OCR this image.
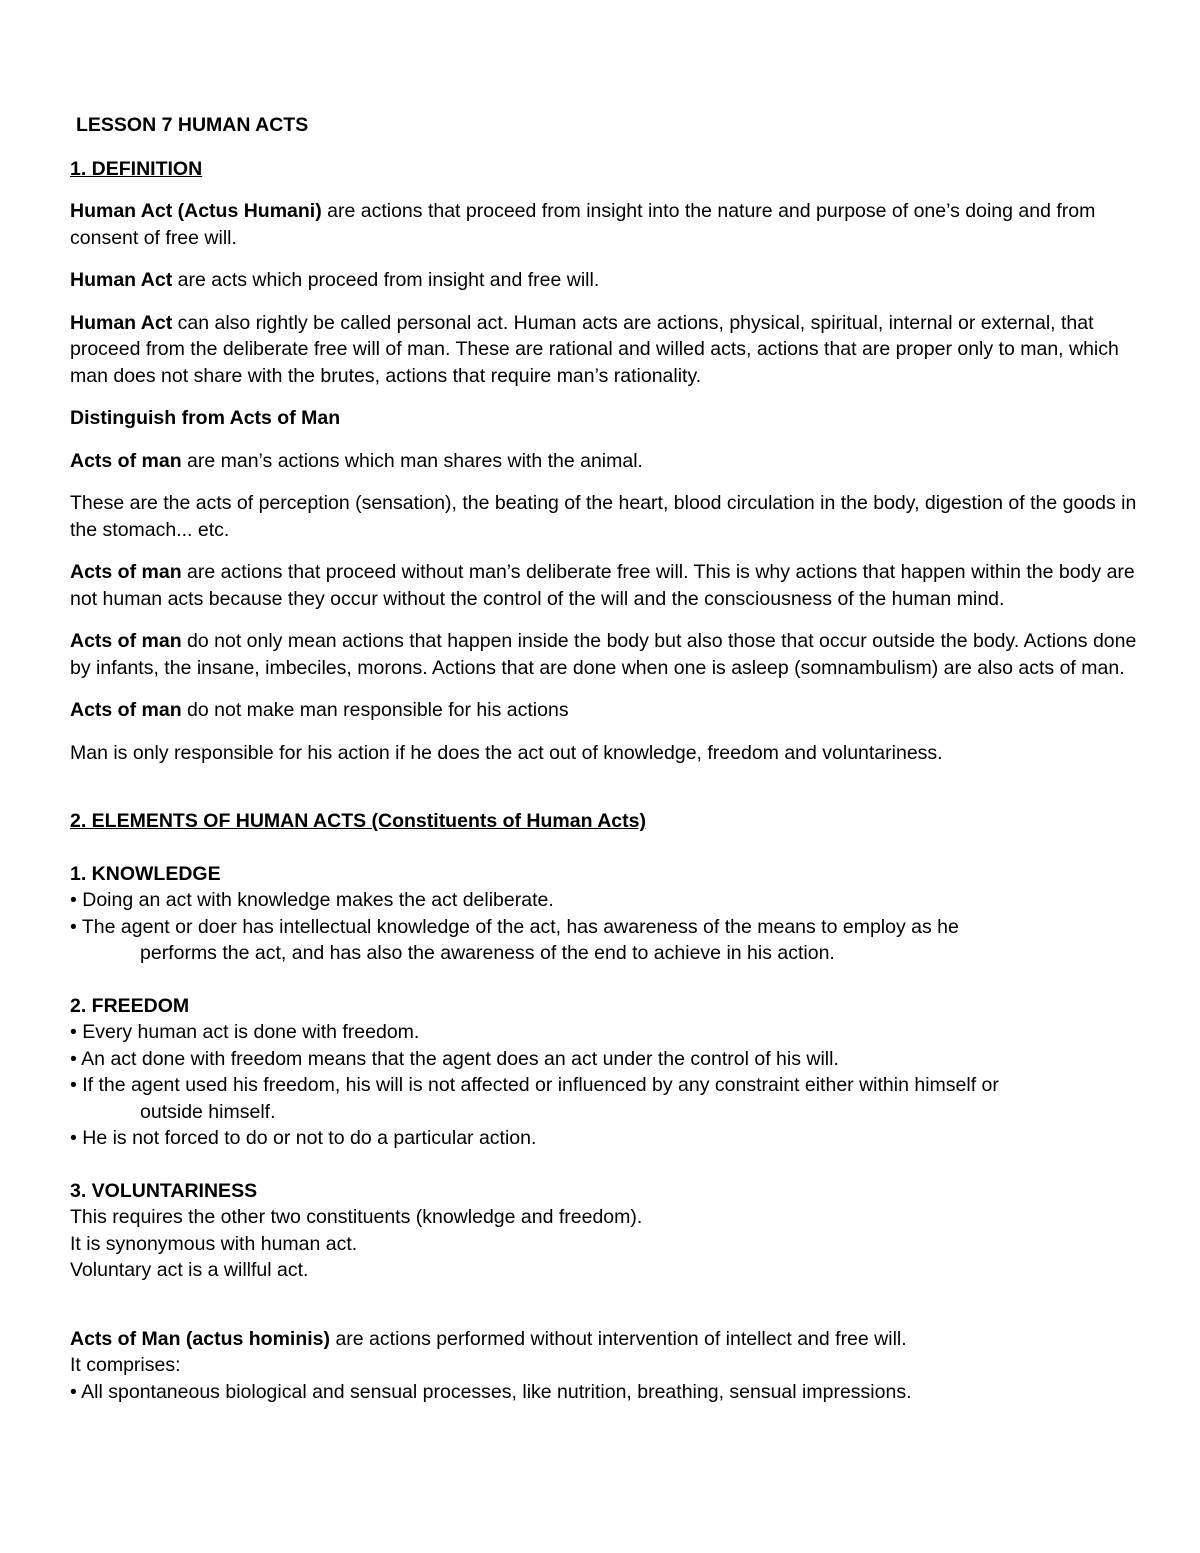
LESSON 7 HUMAN ACTS
1. DEFINITION

Human Act (Actus Humani) are actions that proceed from insight into the nature and purpose of one’s doing and from consent of free will.

Human Act are acts which proceed from insight and free will.

Human Act can also rightly be called personal act. Human acts are actions, physical, spiritual, internal or external, that proceed from the deliberate free will of man. These are rational and willed acts, actions that are proper only to man, which man does not share with the brutes, actions that require man’s rationality.

Distinguish from Acts of Man

Acts of man are man’s actions which man shares with the animal.

These are the acts of perception (sensation), the beating of the heart, blood circulation in the body, digestion of the goods in the stomach... etc.

Acts of man are actions that proceed without man’s deliberate free will. This is why actions that happen within the body are not human acts because they occur without the control of the will and the consciousness of the human mind.

Acts of man do not only mean actions that happen inside the body but also those that occur outside the body. Actions done by infants, the insane, imbeciles, morons. Actions that are done when one is asleep (somnambulism) are also acts of man.

Acts of man do not make man responsible for his actions

Man is only responsible for his action if he does the act out of knowledge, freedom and voluntariness.

2. ELEMENTS OF HUMAN ACTS (Constituents of Human Acts)
1. KNOWLEDGE
• Doing an act with knowledge makes the act deliberate.
• The agent or doer has intellectual knowledge of the act, has awareness of the means to employ as he
performs the act, and has also the awareness of the end to achieve in his action.
2. FREEDOM
• Every human act is done with freedom.
• An act done with freedom means that the agent does an act under the control of his will.
• If the agent used his freedom, his will is not affected or influenced by any constraint either within himself or
outside himself.
• He is not forced to do or not to do a particular action.
3. VOLUNTARINESS
This requires the other two constituents (knowledge and freedom).
It is synonymous with human act.
Voluntary act is a willful act.
Acts of Man (actus hominis) are actions performed without intervention of intellect and free will.
It comprises:
• All spontaneous biological and sensual processes, like nutrition, breathing, sensual impressions.
